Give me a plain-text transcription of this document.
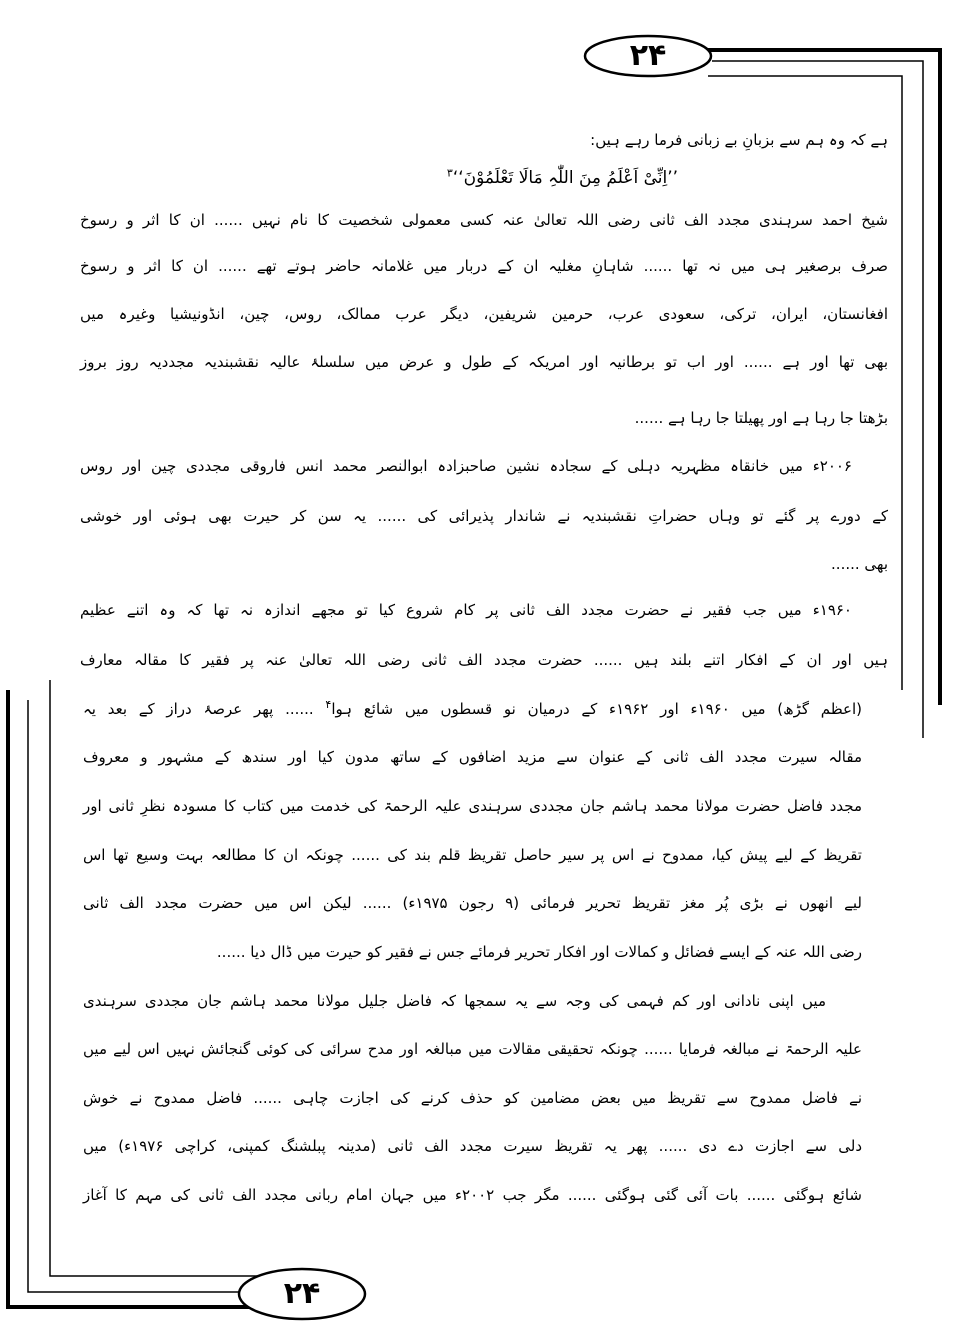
۲۴
۲۴
ہے کہ وہ ہم سے بزبانِ بے زبانی فرما رہے ہیں:
’’اِنِّیْ اَعْلَمُ مِنَ اللّٰہِ مَالَا تَعْلَمُوْنَ‘‘$^۳$
شیخ احمد سرہندی مجدد الف ثانی رضی اللہ تعالیٰ عنہ کسی معمولی شخصیت کا نام نہیں ...... ان کا اثر و رسوخ
صرف برصغیر ہی میں نہ تھا ...... شاہانِ مغلیہ ان کے دربار میں غلامانہ حاضر ہوتے تھے ...... ان کا اثر و رسوخ
افغانستان، ایران، ترکی، سعودی عرب، حرمین شریفین، دیگر عرب ممالک، روس، چین، انڈونیشیا وغیرہ میں
بھی تھا اور ہے ...... اور اب تو برطانیہ اور امریکہ کے طول و عرض میں سلسلۂ عالیہ نقشبندیہ مجددیہ روز بروز
بڑھتا جا رہا ہے اور پھیلتا جا رہا ہے ......
۲۰۰۶ء میں خانقاہ مظہریہ دہلی کے سجادہ نشین صاحبزادہ ابوالنصر محمد انس فاروقی مجددی چین اور روس
کے دورے پر گئے تو وہاں حضراتِ نقشبندیہ نے شاندار پذیرائی کی ...... یہ سن کر حیرت بھی ہوئی اور خوشی
بھی ......
۱۹۶۰ء میں جب فقیر نے حضرت مجدد الف ثانی پر کام شروع کیا تو مجھے اندازہ نہ تھا کہ وہ اتنے عظیم
ہیں اور ان کے افکار اتنے بلند ہیں ...... حضرت مجدد الف ثانی رضی اللہ تعالیٰ عنہ پر فقیر کا مقالہ معارف
(اعظم گڑھ) میں ۱۹۶۰ء اور ۱۹۶۲ء کے درمیان نو قسطوں میں شائع ہوا$^۴$ ...... پھر عرصۂ دراز کے بعد یہ
مقالہ سیرت مجدد الف ثانی کے عنوان سے مزید اضافوں کے ساتھ مدون کیا اور سندھ کے مشہور و معروف
مجدد فاضل حضرت مولانا محمد ہاشم جان مجددی سرہندی علیہ الرحمۃ کی خدمت میں کتاب کا مسودہ نظرِ ثانی اور
تقریظ کے لیے پیش کیا، ممدوح نے اس پر سیر حاصل تقریظ قلم بند کی ...... چونکہ ان کا مطالعہ بہت وسیع تھا اس
لیے انھوں نے بڑی پُر مغز تقریظ تحریر فرمائی (۹ رجون ۱۹۷۵ء) ...... لیکن اس میں حضرت مجدد الف ثانی
رضی اللہ عنہ کے ایسے فضائل و کمالات اور افکار تحریر فرمائے جس نے فقیر کو حیرت میں ڈال دیا ......
میں اپنی نادانی اور کم فہمی کی وجہ سے یہ سمجھا کہ فاضل جلیل مولانا محمد ہاشم جان مجددی سرہندی
علیہ الرحمۃ نے مبالغہ فرمایا ...... چونکہ تحقیقی مقالات میں مبالغہ اور مدح سرائی کی کوئی گنجائش نہیں اس لیے میں
نے فاضل ممدوح سے تقریظ میں بعض مضامین کو حذف کرنے کی اجازت چاہی ...... فاضل ممدوح نے خوش
دلی سے اجازت دے دی ...... پھر یہ تقریظ سیرت مجدد الف ثانی (مدینہ پبلشنگ کمپنی، کراچی ۱۹۷۶ء) میں
شائع ہوگئی ...... بات آئی گئی ہوگئی ...... مگر جب ۲۰۰۲ء میں جہان امام ربانی مجدد الف ثانی کی مہم کا آغاز
